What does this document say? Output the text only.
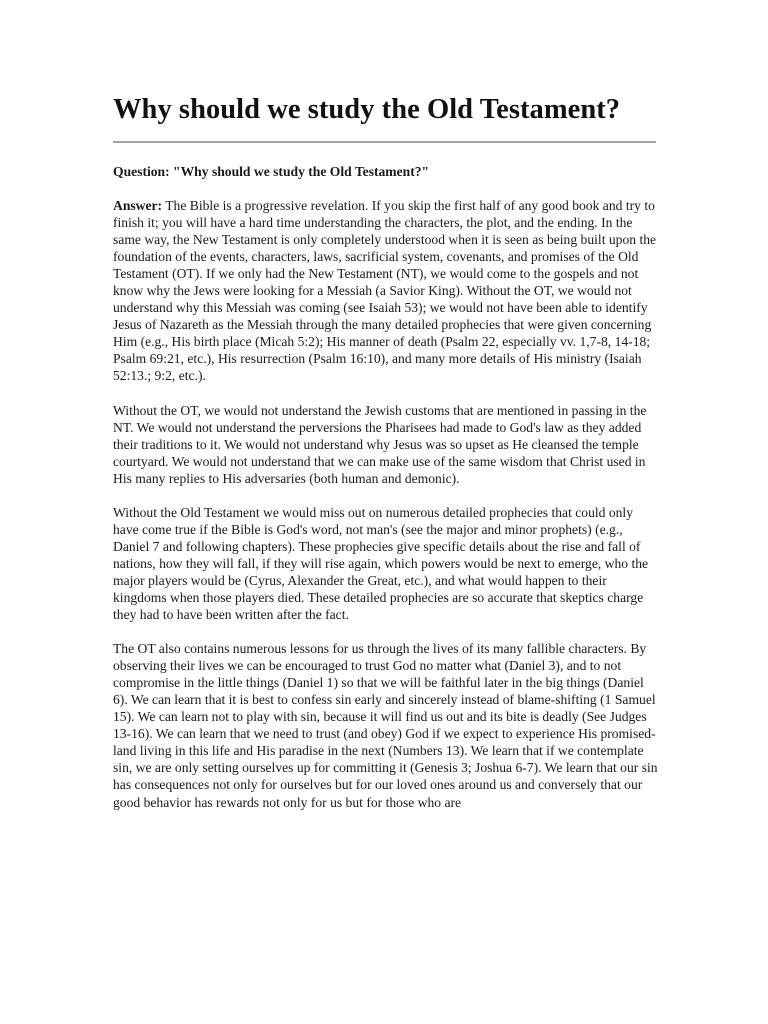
Why should we study the Old Testament?
Question: "Why should we study the Old Testament?"

Answer: The Bible is a progressive revelation. If you skip the first half of any good book and try to finish it; you will have a hard time understanding the characters, the plot, and the ending. In the same way, the New Testament is only completely understood when it is seen as being built upon the foundation of the events, characters, laws, sacrificial system, covenants, and promises of the Old Testament (OT). If we only had the New Testament (NT), we would come to the gospels and not know why the Jews were looking for a Messiah (a Savior King). Without the OT, we would not understand why this Messiah was coming (see Isaiah 53); we would not have been able to identify Jesus of Nazareth as the Messiah through the many detailed prophecies that were given concerning Him (e.g., His birth place (Micah 5:2); His manner of death (Psalm 22, especially vv. 1,7-8, 14-18; Psalm 69:21, etc.), His resurrection (Psalm 16:10), and many more details of His ministry (Isaiah 52:13.; 9:2, etc.).

Without the OT, we would not understand the Jewish customs that are mentioned in passing in the NT. We would not understand the perversions the Pharisees had made to God's law as they added their traditions to it. We would not understand why Jesus was so upset as He cleansed the temple courtyard. We would not understand that we can make use of the same wisdom that Christ used in His many replies to His adversaries (both human and demonic).

Without the Old Testament we would miss out on numerous detailed prophecies that could only have come true if the Bible is God's word, not man's (see the major and minor prophets) (e.g., Daniel 7 and following chapters). These prophecies give specific details about the rise and fall of nations, how they will fall, if they will rise again, which powers would be next to emerge, who the major players would be (Cyrus, Alexander the Great, etc.), and what would happen to their kingdoms when those players died. These detailed prophecies are so accurate that skeptics charge they had to have been written after the fact.

The OT also contains numerous lessons for us through the lives of its many fallible characters. By observing their lives we can be encouraged to trust God no matter what (Daniel 3), and to not compromise in the little things (Daniel 1) so that we will be faithful later in the big things (Daniel 6). We can learn that it is best to confess sin early and sincerely instead of blame-shifting (1 Samuel 15). We can learn not to play with sin, because it will find us out and its bite is deadly (See Judges 13-16). We can learn that we need to trust (and obey) God if we expect to experience His promised-land living in this life and His paradise in the next (Numbers 13). We learn that if we contemplate sin, we are only setting ourselves up for committing it (Genesis 3; Joshua 6-7). We learn that our sin has consequences not only for ourselves but for our loved ones around us and conversely that our good behavior has rewards not only for us but for those who are
